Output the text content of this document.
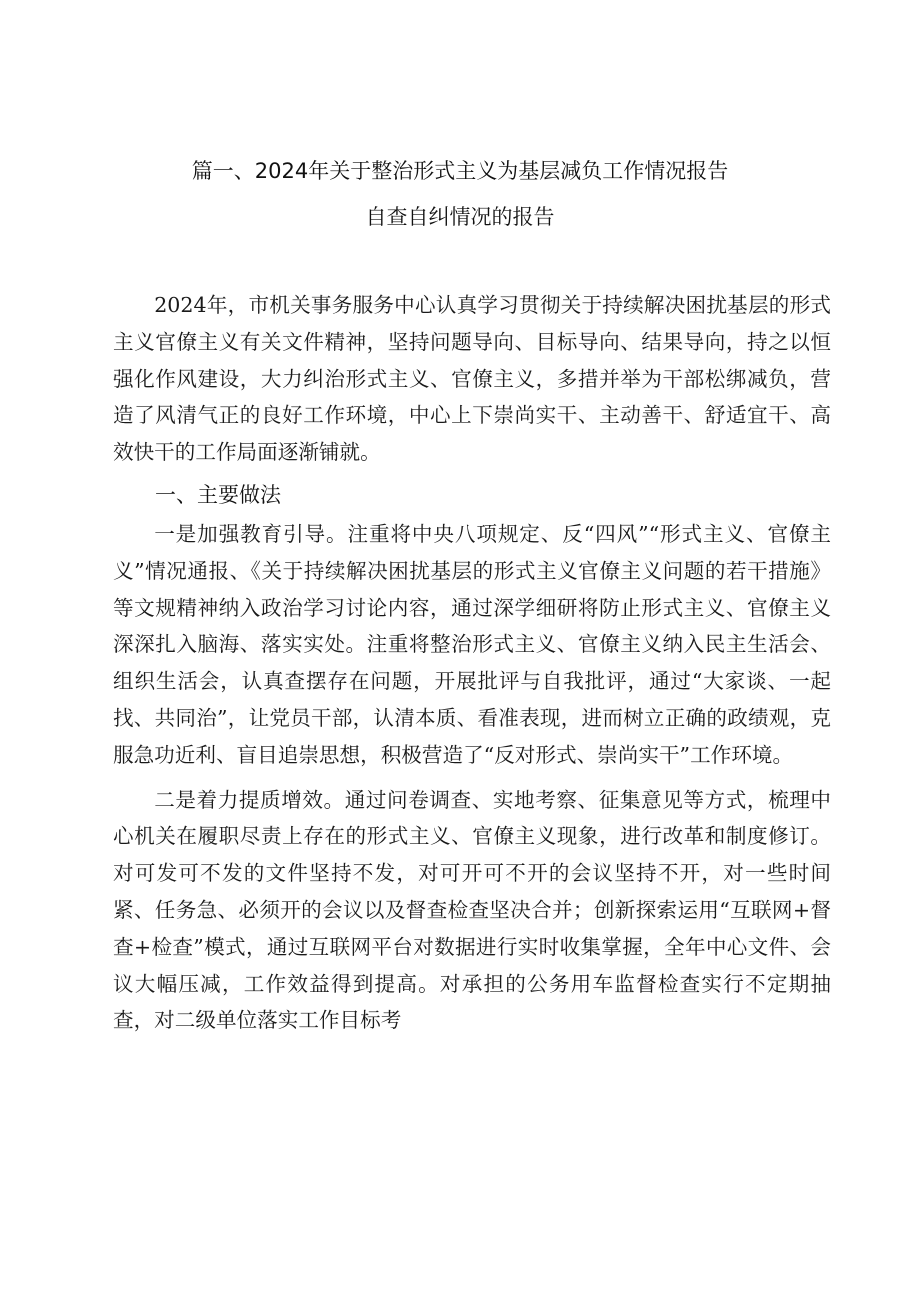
篇一、2024年关于整治形式主义为基层减负工作情况报告
自查自纠情况的报告

2024年，市机关事务服务中心认真学习贯彻关于持续解决困扰基层的形式主义官僚主义有关文件精神，坚持问题导向、目标导向、结果导向，持之以恒强化作风建设，大力纠治形式主义、官僚主义，多措并举为干部松绑减负，营造了风清气正的良好工作环境，中心上下崇尚实干、主动善干、舒适宜干、高效快干的工作局面逐渐铺就。

一、主要做法

一是加强教育引导。注重将中央八项规定、反“四风”“形式主义、官僚主义”情况通报、《关于持续解决困扰基层的形式主义官僚主义问题的若干措施》等文规精神纳入政治学习讨论内容，通过深学细研将防止形式主义、官僚主义深深扎入脑海、落实实处。注重将整治形式主义、官僚主义纳入民主生活会、组织生活会，认真查摆存在问题，开展批评与自我批评，通过“大家谈、一起找、共同治”，让党员干部，认清本质、看准表现，进而树立正确的政绩观，克服急功近利、盲目追崇思想，积极营造了“反对形式、崇尚实干”工作环境。

二是着力提质增效。通过问卷调查、实地考察、征集意见等方式，梳理中心机关在履职尽责上存在的形式主义、官僚主义现象，进行改革和制度修订。对可发可不发的文件坚持不发，对可开可不开的会议坚持不开，对一些时间紧、任务急、必须开的会议以及督查检查坚决合并；创新探索运用“互联网+督查+检查”模式，通过互联网平台对数据进行实时收集掌握，全年中心文件、会议大幅压减，工作效益得到提高。对承担的公务用车监督检查实行不定期抽查，对二级单位落实工作目标考
